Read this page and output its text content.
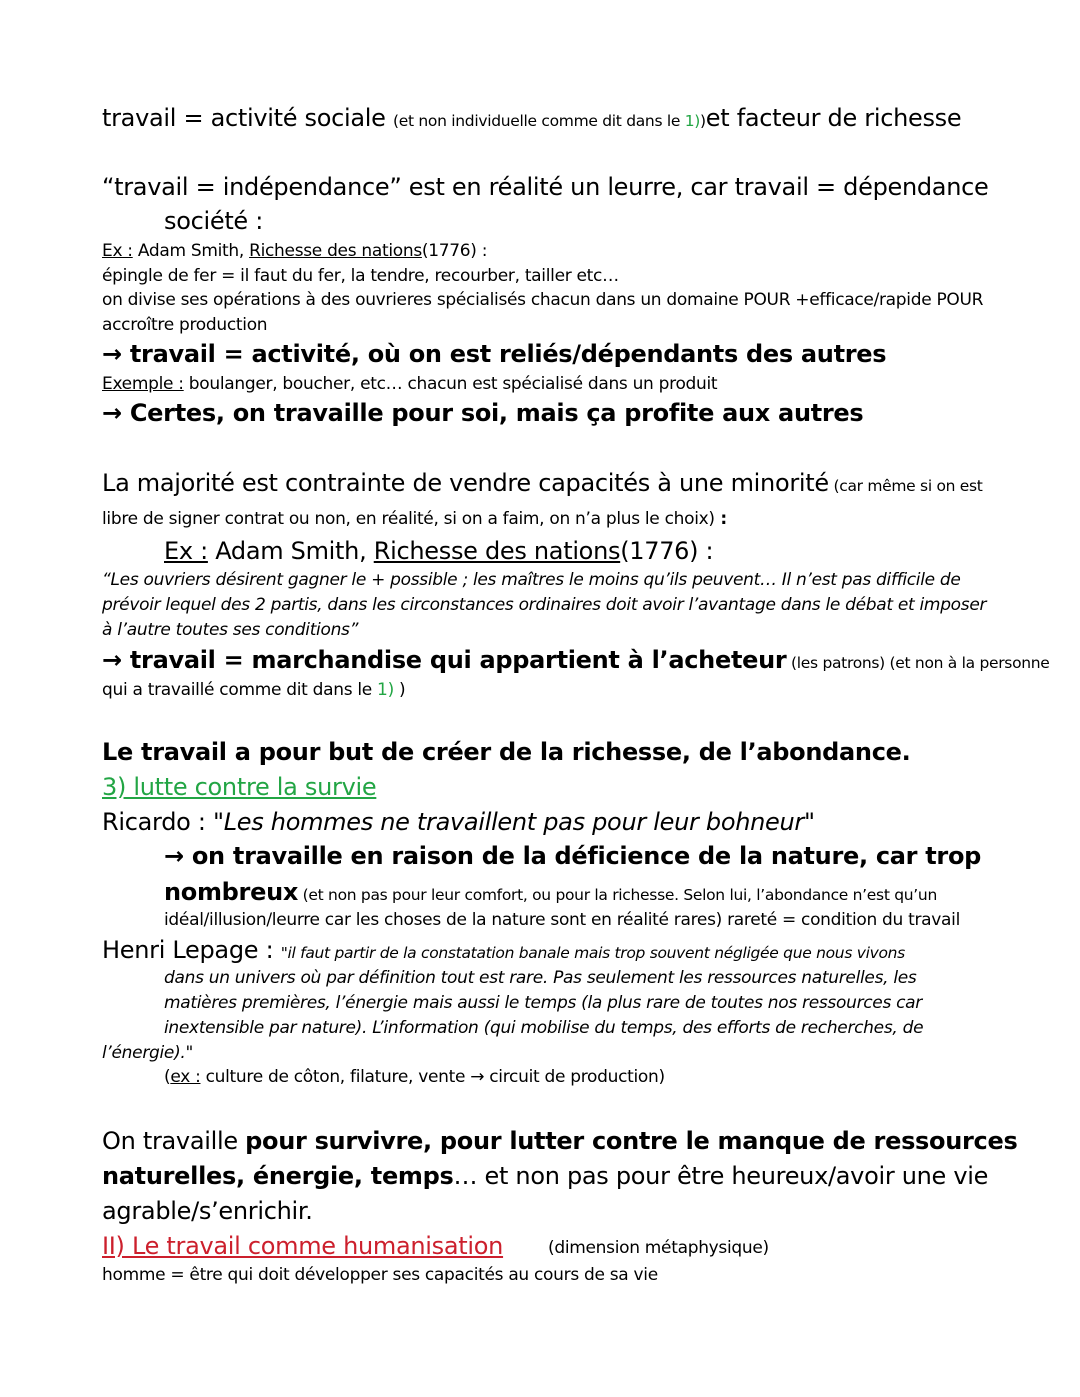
travail = activité sociale (et non individuelle comme dit dans le 1))et facteur de richesse
“travail = indépendance” est en réalité un leurre, car travail = dépendance
société :
Ex : Adam Smith, Richesse des nations(1776) :
épingle de fer = il faut du fer, la tendre, recourber, tailler etc…
on divise ses opérations à des ouvrieres spécialisés chacun dans un domaine POUR +efficace/rapide POUR
accroître production
→ travail = activité, où on est reliés/dépendants des autres
Exemple : boulanger, boucher, etc… chacun est spécialisé dans un produit
→ Certes, on travaille pour soi, mais ça profite aux autres
La majorité est contrainte de vendre capacités à une minorité (car même si on est
libre de signer contrat ou non, en réalité, si on a faim, on n’a plus le choix) :
Ex : Adam Smith, Richesse des nations(1776) :
“Les ouvriers désirent gagner le + possible ; les maîtres le moins qu’ils peuvent… Il n’est pas difficile de
prévoir lequel des 2 partis, dans les circonstances ordinaires doit avoir l’avantage dans le débat et imposer
à l’autre toutes ses conditions”
→ travail = marchandise qui appartient à l’acheteur (les patrons) (et non à la personne
qui a travaillé comme dit dans le 1) )
Le travail a pour but de créer de la richesse, de l’abondance.
3) lutte contre la survie
Ricardo : "Les hommes ne travaillent pas pour leur bohneur"
→ on travaille en raison de la déficience de la nature, car trop
nombreux (et non pas pour leur comfort, ou pour la richesse. Selon lui, l’abondance n’est qu’un
idéal/illusion/leurre car les choses de la nature sont en réalité rares) rareté = condition du travail
Henri Lepage : "il faut partir de la constatation banale mais trop souvent négligée que nous vivons
dans un univers où par définition tout est rare. Pas seulement les ressources naturelles, les
matières premières, l’énergie mais aussi le temps (la plus rare de toutes nos ressources car
inextensible par nature). L’information (qui mobilise du temps, des efforts de recherches, de
l’énergie)."
(ex : culture de côton, filature, vente → circuit de production)
On travaille pour survivre, pour lutter contre le manque de ressources
naturelles, énergie, temps… et non pas pour être heureux/avoir une vie
agrable/s’enrichir.
II) Le travail comme humanisation	(dimension métaphysique)
homme = être qui doit développer ses capacités au cours de sa vie
